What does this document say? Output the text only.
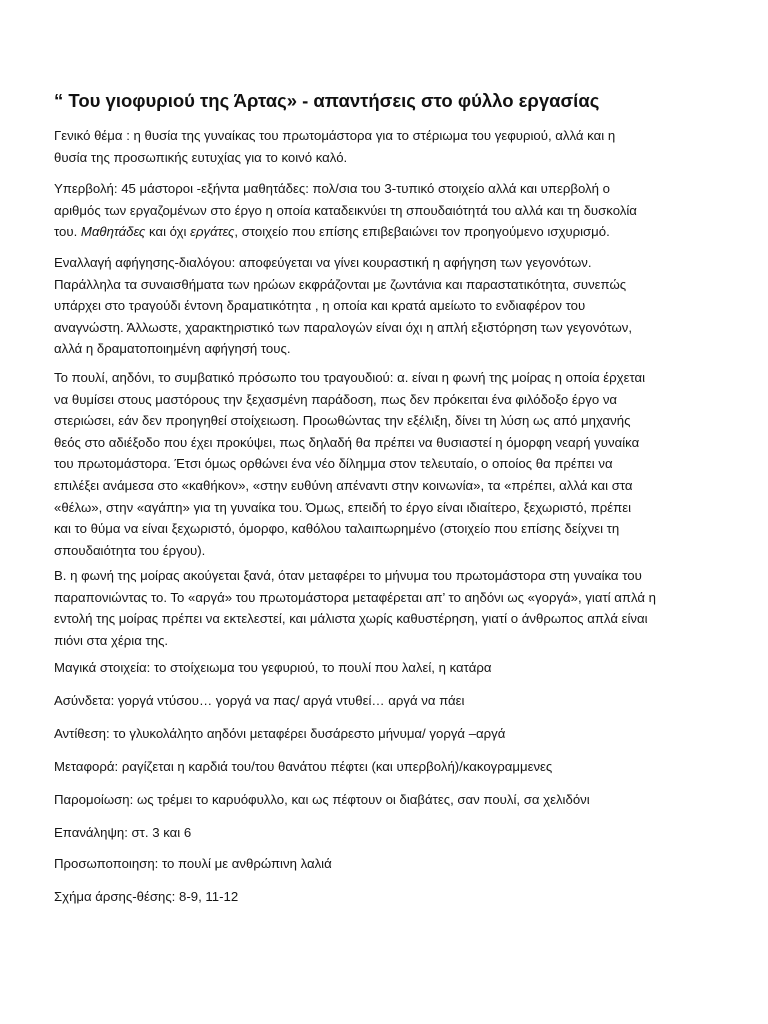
“ Του γιοφυριού της Άρτας» - απαντήσεις στο φύλλο εργασίας
Γενικό θέμα : η θυσία της γυναίκας του πρωτομάστορα για το στέριωμα του γεφυριού, αλλά και η
θυσία της προσωπικής ευτυχίας για το κοινό καλό.
Υπερβολή: 45 μάστοροι -εξήντα μαθητάδες: πολ/σια του 3-τυπικό στοιχείο αλλά και υπερβολή ο
αριθμός των εργαζομένων στο έργο η οποία καταδεικνύει τη σπουδαιότητά του αλλά και τη δυσκολία
του. Μαθητάδες και όχι εργάτες, στοιχείο που επίσης επιβεβαιώνει τον προηγούμενο ισχυρισμό.
Εναλλαγή αφήγησης-διαλόγου: αποφεύγεται να γίνει κουραστική η αφήγηση των γεγονότων.
Παράλληλα τα συναισθήματα των ηρώων εκφράζονται με ζωντάνια και παραστατικότητα, συνεπώς
υπάρχει στο τραγούδι έντονη δραματικότητα , η οποία και κρατά αμείωτο το ενδιαφέρον του
αναγνώστη. Άλλωστε, χαρακτηριστικό των παραλογών είναι όχι η απλή εξιστόρηση των γεγονότων,
αλλά η δραματοποιημένη αφήγησή τους.
Το πουλί, αηδόνι, το συμβατικό πρόσωπο του τραγουδιού: α. είναι η φωνή της μοίρας η οποία έρχεται
να θυμίσει στους μαστόρους την ξεχασμένη παράδοση, πως δεν πρόκειται ένα φιλόδοξο έργο να
στεριώσει, εάν δεν προηγηθεί στοίχειωση. Προωθώντας την εξέλιξη, δίνει τη λύση ως από μηχανής
θεός στο αδιέξοδο που έχει προκύψει, πως δηλαδή θα πρέπει να θυσιαστεί η όμορφη νεαρή γυναίκα
του πρωτομάστορα. Έτσι όμως ορθώνει ένα νέο δίλημμα στον τελευταίο, ο οποίος θα πρέπει να
επιλέξει ανάμεσα στο «καθήκον», «στην ευθύνη απέναντι στην κοινωνία», τα «πρέπει, αλλά και στα
«θέλω», στην «αγάπη» για τη γυναίκα του. Όμως, επειδή το έργο είναι ιδιαίτερο, ξεχωριστό, πρέπει
και το θύμα να είναι ξεχωριστό, όμορφο, καθόλου ταλαιπωρημένο (στοιχείο που επίσης δείχνει τη
σπουδαιότητα του έργου).
Β. η φωνή της μοίρας ακούγεται ξανά, όταν μεταφέρει το μήνυμα του πρωτομάστορα στη γυναίκα του
παραπονιώντας το. Το «αργά» του πρωτομάστορα μεταφέρεται απ’ το αηδόνι ως «γοργά», γιατί απλά η
εντολή της μοίρας πρέπει να εκτελεστεί, και μάλιστα χωρίς καθυστέρηση, γιατί ο άνθρωπος απλά είναι
πιόνι στα χέρια της.
Μαγικά στοιχεία: το στοίχειωμα του γεφυριού, το πουλί που λαλεί, η κατάρα
Ασύνδετα: γοργά ντύσου… γοργά να πας/ αργά ντυθεί… αργά να πάει
Αντίθεση: το γλυκολάλητο αηδόνι μεταφέρει δυσάρεστο μήνυμα/ γοργά –αργά
Μεταφορά: ραγίζεται η καρδιά του/του θανάτου πέφτει (και υπερβολή)/κακογραμμενες
Παρομοίωση: ως τρέμει το καρυόφυλλο, και ως πέφτουν οι διαβάτες, σαν πουλί, σα χελιδόνι
Επανάληψη: στ. 3 και 6
Προσωποποιηση: το πουλί με ανθρώπινη λαλιά
Σχήμα άρσης-θέσης: 8-9, 11-12
